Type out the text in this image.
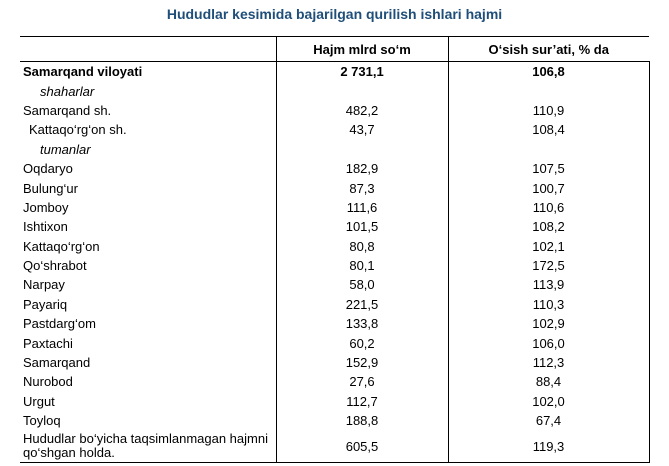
Hududlar kesimida bajarilgan qurilish ishlari hajmi
	Hajm mlrd so‘m	O‘sish sur’ati, % da
Samarqand viloyati	2 731,1	106,8
shaharlar		
Samarqand sh.	482,2	110,9
Kattaqo‘rg‘on sh.	43,7	108,4
tumanlar		
Oqdaryo	182,9	107,5
Bulung‘ur	87,3	100,7
Jomboy	111,6	110,6
Ishtixon	101,5	108,2
Kattaqo‘rg‘on	80,8	102,1
Qo‘shrabot	80,1	172,5
Narpay	58,0	113,9
Payariq	221,5	110,3
Pastdarg‘om	133,8	102,9
Paxtachi	60,2	106,0
Samarqand	152,9	112,3
Nurobod	27,6	88,4
Urgut	112,7	102,0
Toyloq	188,8	67,4
Hududlar bo‘yicha taqsimlanmagan hajmni qo‘shgan holda.	605,5	119,3
